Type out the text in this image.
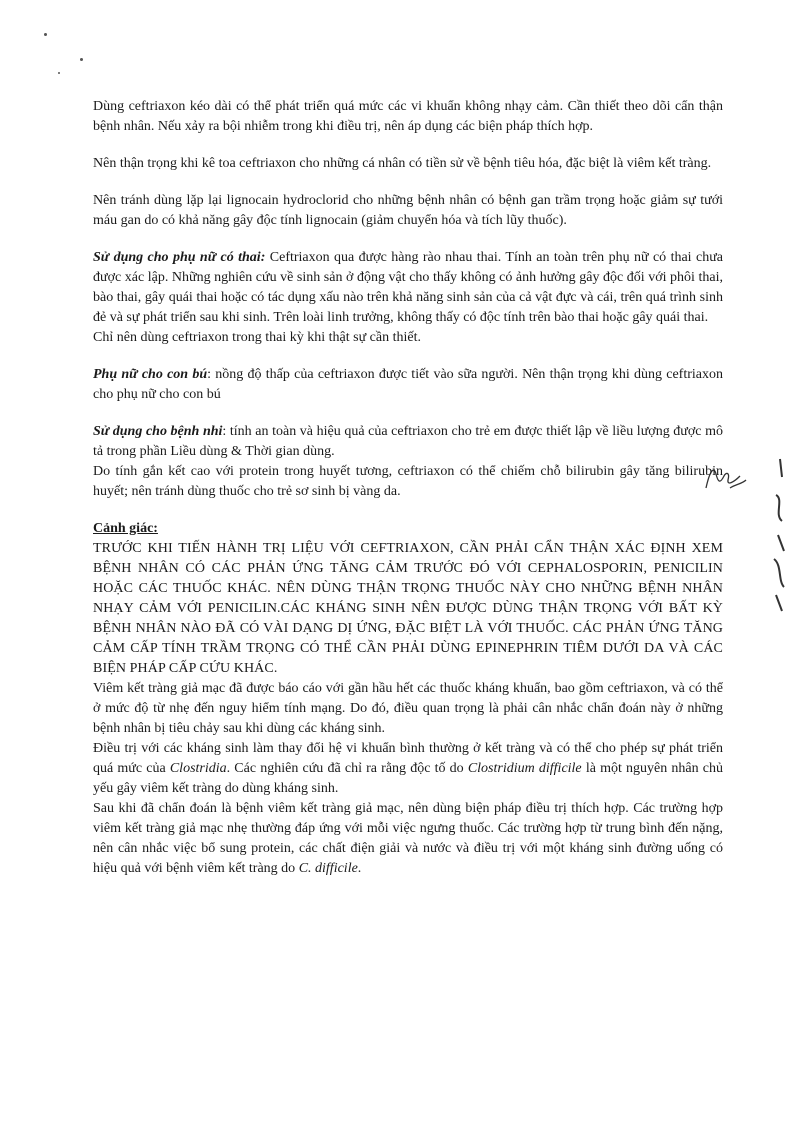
Dùng ceftriaxon kéo dài có thể phát triển quá mức các vi khuẩn không nhạy cảm. Cần thiết theo dõi cẩn thận bệnh nhân. Nếu xảy ra bội nhiễm trong khi điều trị, nên áp dụng các biện pháp thích hợp.

Nên thận trọng khi kê toa ceftriaxon cho những cá nhân có tiền sử về bệnh tiêu hóa, đặc biệt là viêm kết tràng.

Nên tránh dùng lặp lại lignocain hydroclorid cho những bệnh nhân có bệnh gan trầm trọng hoặc giảm sự tưới máu gan do có khả năng gây độc tính lignocain (giảm chuyển hóa và tích lũy thuốc).

Sử dụng cho phụ nữ có thai: Ceftriaxon qua được hàng rào nhau thai. Tính an toàn trên phụ nữ có thai chưa được xác lập. Những nghiên cứu về sinh sản ở động vật cho thấy không có ảnh hưởng gây độc đối với phôi thai, bào thai, gây quái thai hoặc có tác dụng xấu nào trên khả năng sinh sản của cả vật đực và cái, trên quá trình sinh đẻ và sự phát triển sau khi sinh. Trên loài linh trưởng, không thấy có độc tính trên bào thai hoặc gây quái thai.

Chỉ nên dùng ceftriaxon trong thai kỳ khi thật sự cần thiết.

Phụ nữ cho con bú: nồng độ thấp của ceftriaxon được tiết vào sữa người. Nên thận trọng khi dùng ceftriaxon cho phụ nữ cho con bú

Sử dụng cho bệnh nhi: tính an toàn và hiệu quả của ceftriaxon cho trẻ em được thiết lập về liều lượng được mô tả trong phần Liều dùng & Thời gian dùng.

Do tính gắn kết cao với protein trong huyết tương, ceftriaxon có thể chiếm chỗ bilirubin gây tăng bilirubin huyết; nên tránh dùng thuốc cho trẻ sơ sinh bị vàng da.

Cảnh giác:
TRƯỚC KHI TIẾN HÀNH TRỊ LIỆU VỚI CEFTRIAXON, CẦN PHẢI CẨN THẬN XÁC ĐỊNH XEM BỆNH NHÂN CÓ CÁC PHẢN ỨNG TĂNG CẢM TRƯỚC ĐÓ VỚI CEPHALOSPORIN, PENICILIN HOẶC CÁC THUỐC KHÁC. NÊN DÙNG THẬN TRỌNG THUỐC NÀY CHO NHỮNG BỆNH NHÂN NHẠY CẢM VỚI PENICILIN.CÁC KHÁNG SINH NÊN ĐƯỢC DÙNG THẬN TRỌNG VỚI BẤT KỲ BỆNH NHÂN NÀO ĐÃ CÓ VÀI DẠNG DỊ ỨNG, ĐẶC BIỆT LÀ VỚI THUỐC. CÁC PHẢN ỨNG TĂNG CẢM CẤP TÍNH TRẦM TRỌNG CÓ THỂ CẦN PHẢI DÙNG EPINEPHRIN TIÊM DƯỚI DA VÀ CÁC BIỆN PHÁP CẤP CỨU KHÁC.

Viêm kết tràng giả mạc đã được báo cáo với gần hầu hết các thuốc kháng khuẩn, bao gồm ceftriaxon, và có thể ở mức độ từ nhẹ đến nguy hiểm tính mạng. Do đó, điều quan trọng là phải cân nhắc chẩn đoán này ở những bệnh nhân bị tiêu chảy sau khi dùng các kháng sinh.

Điều trị với các kháng sinh làm thay đổi hệ vi khuẩn bình thường ở kết tràng và có thể cho phép sự phát triển quá mức của Clostridia. Các nghiên cứu đã chỉ ra rằng độc tố do Clostridium difficile là một nguyên nhân chủ yếu gây viêm kết tràng do dùng kháng sinh.

Sau khi đã chẩn đoán là bệnh viêm kết tràng giả mạc, nên dùng biện pháp điều trị thích hợp. Các trường hợp viêm kết tràng giả mạc nhẹ thường đáp ứng với mỗi việc ngưng thuốc. Các trường hợp từ trung bình đến nặng, nên cân nhắc việc bổ sung protein, các chất điện giải và nước và điều trị với một kháng sinh đường uống có hiệu quả với bệnh viêm kết tràng do C. difficile.
